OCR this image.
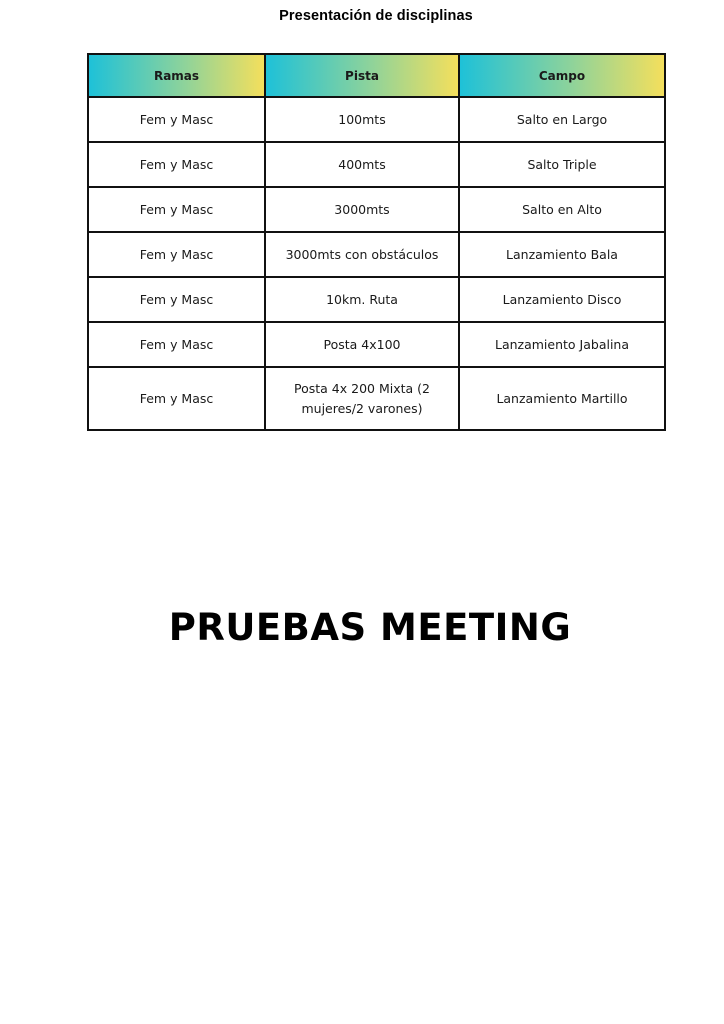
Presentación de disciplinas
Ramas	Pista	Campo
Fem y Masc	100mts	Salto en Largo
Fem y Masc	400mts	Salto Triple
Fem y Masc	3000mts	Salto en Alto
Fem y Masc	3000mts con obstáculos	Lanzamiento Bala
Fem y Masc	10km. Ruta	Lanzamiento Disco
Fem y Masc	Posta 4x100	Lanzamiento Jabalina
Fem y Masc	Posta 4x 200 Mixta (2 mujeres/2 varones)	Lanzamiento Martillo
PRUEBAS MEETING
